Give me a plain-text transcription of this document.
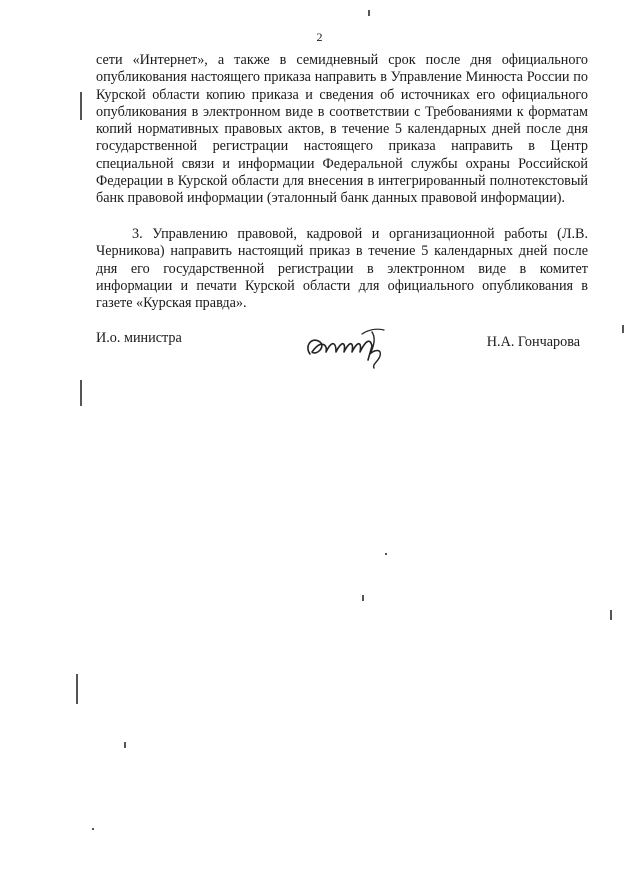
2
сети «Интернет», а также в семидневный срок после дня официального опубликования настоящего приказа направить в Управление Минюста России по Курской области копию приказа и сведения об источниках его официального опубликования в электронном виде в соответствии с Требованиями к форматам копий нормативных правовых актов, в течение 5 календарных дней после дня государственной регистрации настоящего приказа направить в Центр специальной связи и информации Федеральной службы охраны Российской Федерации в Курской области для внесения в интегрированный полнотекстовый банк правовой информации (эталонный банк данных правовой информации).
3. Управлению правовой, кадровой и организационной работы (Л.В. Черникова) направить настоящий приказ в течение 5 календарных дней после дня его государственной регистрации в электронном виде в комитет информации и печати Курской области для официального опубликования в газете «Курская правда».
И.о. министра	Н.А. Гончарова
